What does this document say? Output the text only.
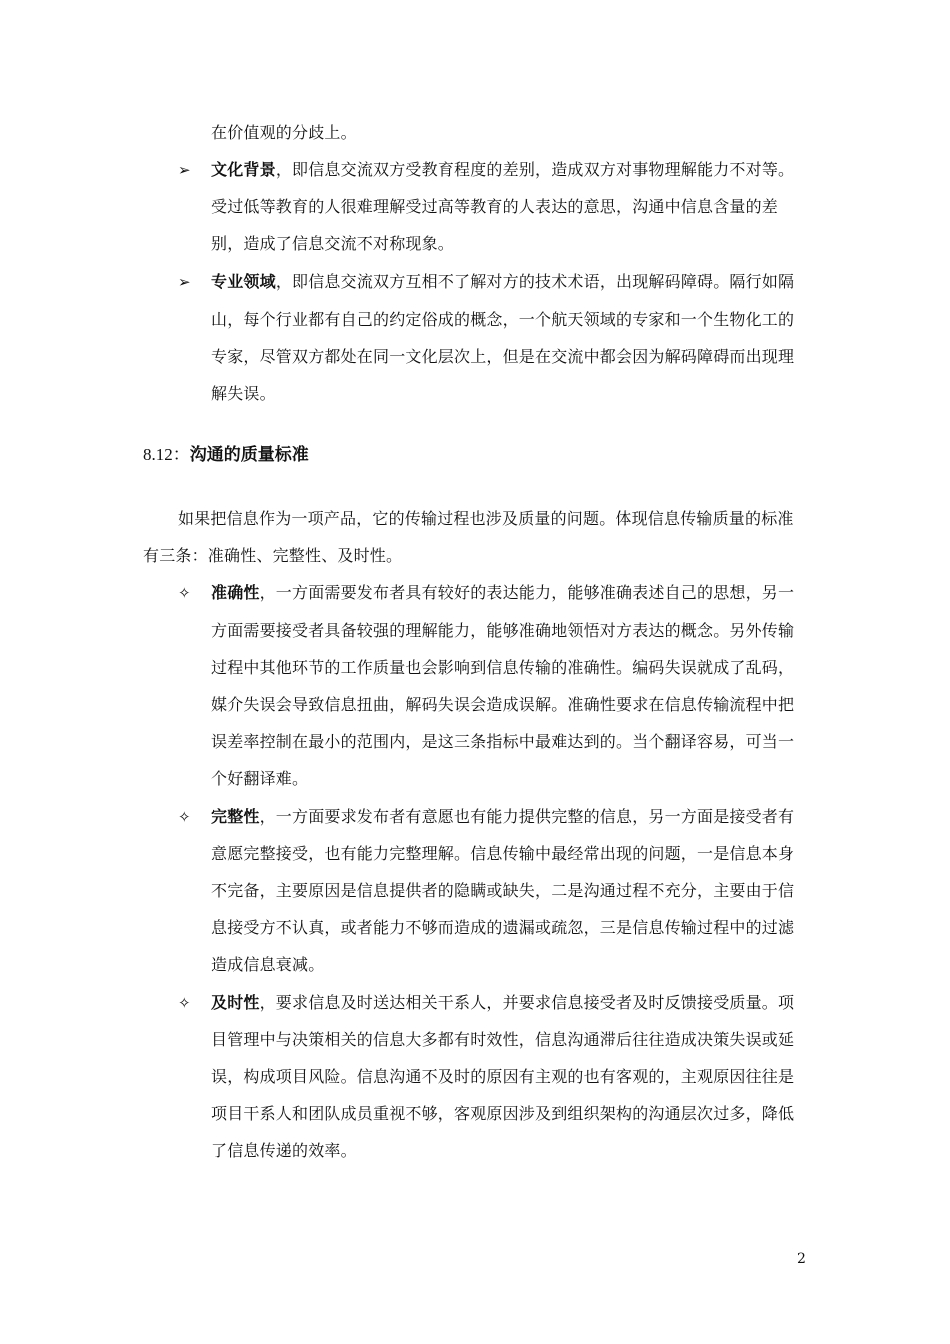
在价值观的分歧上。
➢ 文化背景，即信息交流双方受教育程度的差别，造成双方对事物理解能力不对等。
受过低等教育的人很难理解受过高等教育的人表达的意思，沟通中信息含量的差
别，造成了信息交流不对称现象。
➢ 专业领域，即信息交流双方互相不了解对方的技术术语，出现解码障碍。隔行如隔
山，每个行业都有自己的约定俗成的概念，一个航天领域的专家和一个生物化工的
专家，尽管双方都处在同一文化层次上，但是在交流中都会因为解码障碍而出现理
解失误。
8.12：沟通的质量标准
如果把信息作为一项产品，它的传输过程也涉及质量的问题。体现信息传输质量的标准
有三条：准确性、完整性、及时性。
✧ 准确性，一方面需要发布者具有较好的表达能力，能够准确表述自己的思想，另一
方面需要接受者具备较强的理解能力，能够准确地领悟对方表达的概念。另外传输
过程中其他环节的工作质量也会影响到信息传输的准确性。编码失误就成了乱码，
媒介失误会导致信息扭曲，解码失误会造成误解。准确性要求在信息传输流程中把
误差率控制在最小的范围内，是这三条指标中最难达到的。当个翻译容易，可当一
个好翻译难。
✧ 完整性，一方面要求发布者有意愿也有能力提供完整的信息，另一方面是接受者有
意愿完整接受，也有能力完整理解。信息传输中最经常出现的问题，一是信息本身
不完备，主要原因是信息提供者的隐瞒或缺失，二是沟通过程不充分，主要由于信
息接受方不认真，或者能力不够而造成的遗漏或疏忽，三是信息传输过程中的过滤
造成信息衰减。
✧ 及时性，要求信息及时送达相关干系人，并要求信息接受者及时反馈接受质量。项
目管理中与决策相关的信息大多都有时效性，信息沟通滞后往往造成决策失误或延
误，构成项目风险。信息沟通不及时的原因有主观的也有客观的，主观原因往往是
项目干系人和团队成员重视不够，客观原因涉及到组织架构的沟通层次过多，降低
了信息传递的效率。
2
